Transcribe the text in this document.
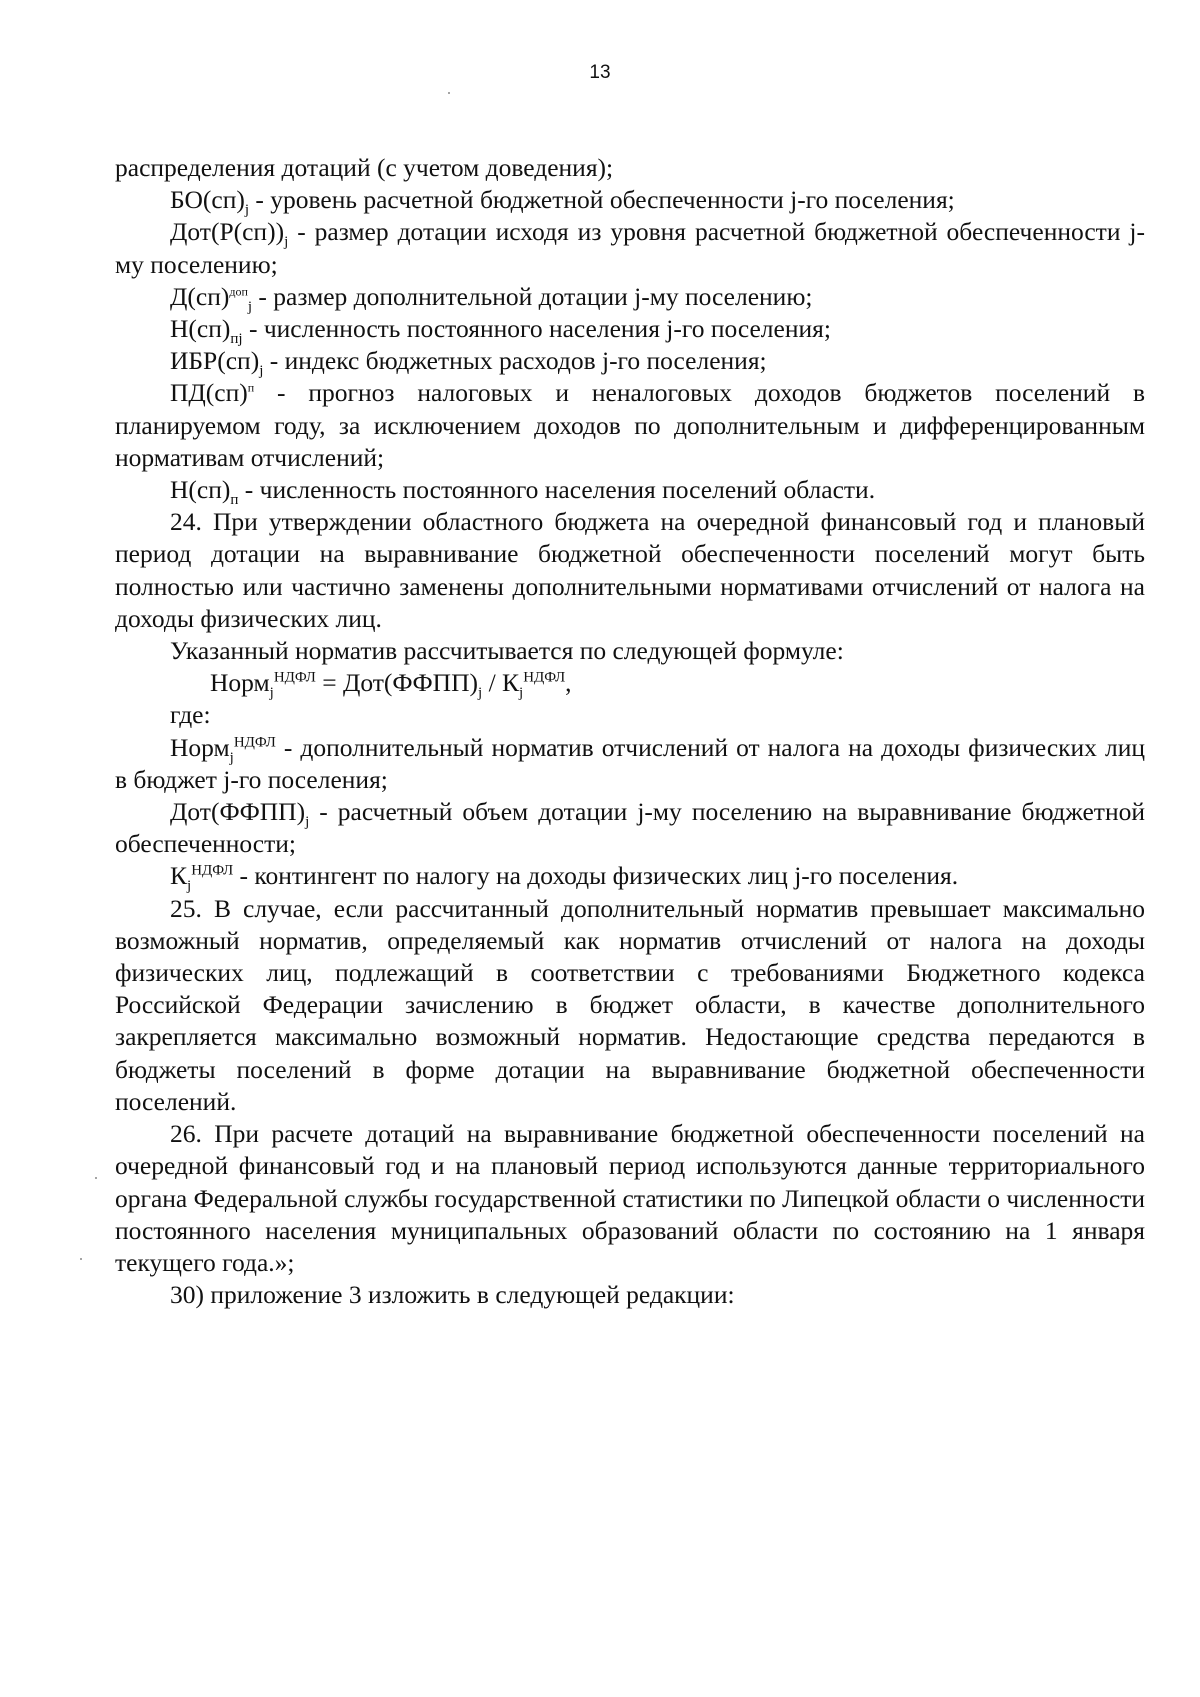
13

распределения дотаций (с учетом доведения);

$БО(сп)_j$ - уровень расчетной бюджетной обеспеченности j-го поселения;

$Дот(Р(сп))_j$ - размер дотации исходя из уровня расчетной бюджетной обеспеченности j-му поселению;

Д(сп)$^{доп}_j$ - размер дополнительной дотации j-му поселению;

$Н(сп)_{пj}$ - численность постоянного населения j-го поселения;

$ИБР(сп)_j$ - индекс бюджетных расходов j-го поселения;

ПД(сп)$^п$ - прогноз налоговых и неналоговых доходов бюджетов поселений в планируемом году, за исключением доходов по дополнительным и дифференцированным нормативам отчислений;

$Н(сп)_п$ - численность постоянного населения поселений области.

24. При утверждении областного бюджета на очередной финансовый год и плановый период дотации на выравнивание бюджетной обеспеченности поселений могут быть полностью или частично заменены дополнительными нормативами отчислений от налога на доходы физических лиц.

Указанный норматив рассчитывается по следующей формуле:

Норм$_j^{НДФЛ}$ = $Дот(ФФПП)_j / К_j^{НДФЛ}$,

где:

Норм$_j^{НДФЛ}$ - дополнительный норматив отчислений от налога на доходы физических лиц в бюджет j-го поселения;

$Дот(ФФПП)_j$ - расчетный объем дотации j-му поселению на выравнивание бюджетной обеспеченности;

$К_j^{НДФЛ}$ - контингент по налогу на доходы физических лиц j-го поселения.

25. В случае, если рассчитанный дополнительный норматив превышает максимально возможный норматив, определяемый как норматив отчислений от налога на доходы физических лиц, подлежащий в соответствии с требованиями Бюджетного кодекса Российской Федерации зачислению в бюджет области, в качестве дополнительного закрепляется максимально возможный норматив. Недостающие средства передаются в бюджеты поселений в форме дотации на выравнивание бюджетной обеспеченности поселений.

26. При расчете дотаций на выравнивание бюджетной обеспеченности поселений на очередной финансовый год и на плановый период используются данные территориального органа Федеральной службы государственной статистики по Липецкой области о численности постоянного населения муниципальных образований области по состоянию на 1 января текущего года.»;

30) приложение 3 изложить в следующей редакции:
